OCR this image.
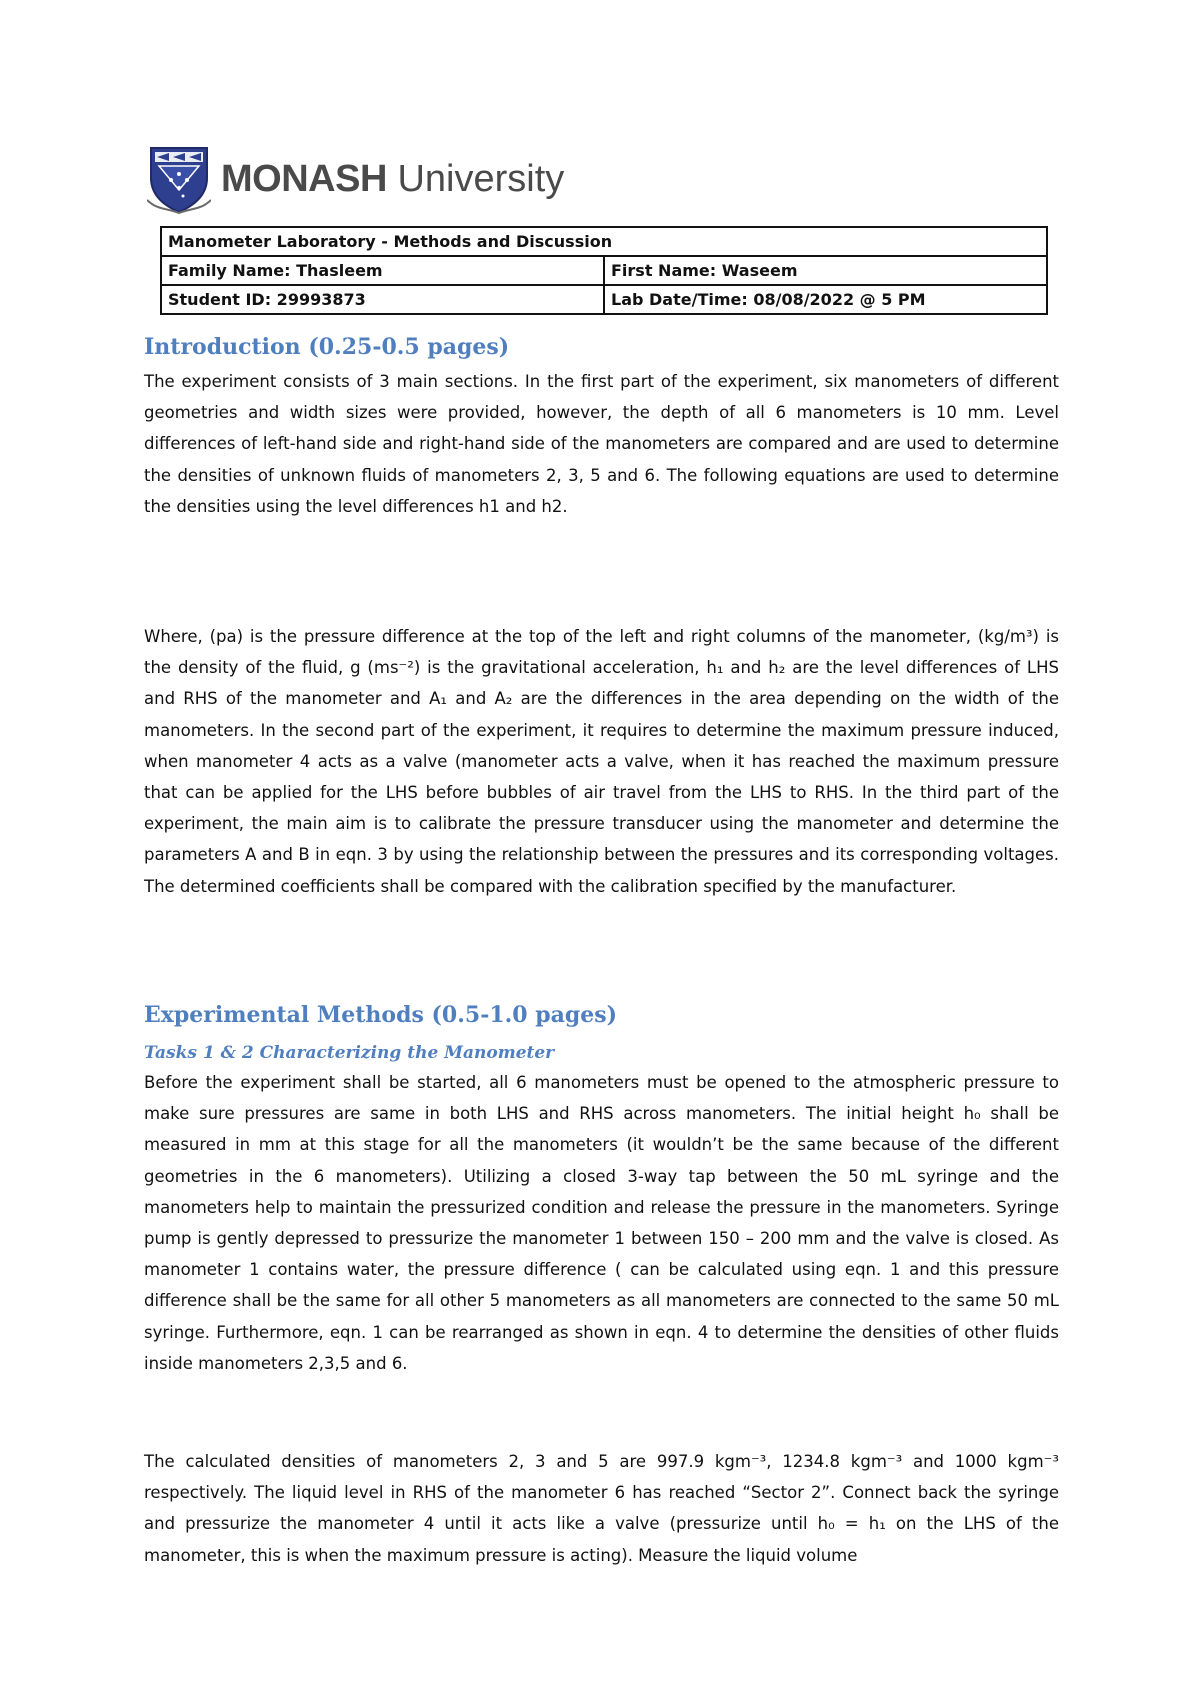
MONASH University
Manometer Laboratory - Methods and Discussion	
Family Name: Thasleem	First Name: Waseem
Student ID: 29993873	Lab Date/Time: 08/08/2022 @ 5 PM
Introduction (0.25-0.5 pages)

The experiment consists of 3 main sections. In the first part of the experiment, six manometers of different geometries and width sizes were provided, however, the depth of all 6 manometers is 10 mm. Level differences of left-hand side and right-hand side of the manometers are compared and are used to determine the densities of unknown fluids of manometers 2, 3, 5 and 6. The following equations are used to determine the densities using the level differences h1 and h2.

Where, (pa) is the pressure difference at the top of the left and right columns of the manometer, (kg/m³) is the density of the fluid, g (ms⁻²) is the gravitational acceleration, h₁ and h₂ are the level differences of LHS and RHS of the manometer and A₁ and A₂ are the differences in the area depending on the width of the manometers. In the second part of the experiment, it requires to determine the maximum pressure induced, when manometer 4 acts as a valve (manometer acts a valve, when it has reached the maximum pressure that can be applied for the LHS before bubbles of air travel from the LHS to RHS. In the third part of the experiment, the main aim is to calibrate the pressure transducer using the manometer and determine the parameters A and B in eqn. 3 by using the relationship between the pressures and its corresponding voltages. The determined coefficients shall be compared with the calibration specified by the manufacturer.

Experimental Methods (0.5-1.0 pages)
Tasks 1 & 2 Characterizing the Manometer

Before the experiment shall be started, all 6 manometers must be opened to the atmospheric pressure to make sure pressures are same in both LHS and RHS across manometers. The initial height h₀ shall be measured in mm at this stage for all the manometers (it wouldn’t be the same because of the different geometries in the 6 manometers). Utilizing a closed 3-way tap between the 50 mL syringe and the manometers help to maintain the pressurized condition and release the pressure in the manometers. Syringe pump is gently depressed to pressurize the manometer 1 between 150 – 200 mm and the valve is closed. As manometer 1 contains water, the pressure difference ( can be calculated using eqn. 1 and this pressure difference shall be the same for all other 5 manometers as all manometers are connected to the same 50 mL syringe. Furthermore, eqn. 1 can be rearranged as shown in eqn. 4 to determine the densities of other fluids inside manometers 2,3,5 and 6.

The calculated densities of manometers 2, 3 and 5 are 997.9 kgm⁻³, 1234.8 kgm⁻³ and 1000 kgm⁻³ respectively. The liquid level in RHS of the manometer 6 has reached “Sector 2”. Connect back the syringe and pressurize the manometer 4 until it acts like a valve (pressurize until h₀ = h₁ on the LHS of the manometer, this is when the maximum pressure is acting). Measure the liquid volume
